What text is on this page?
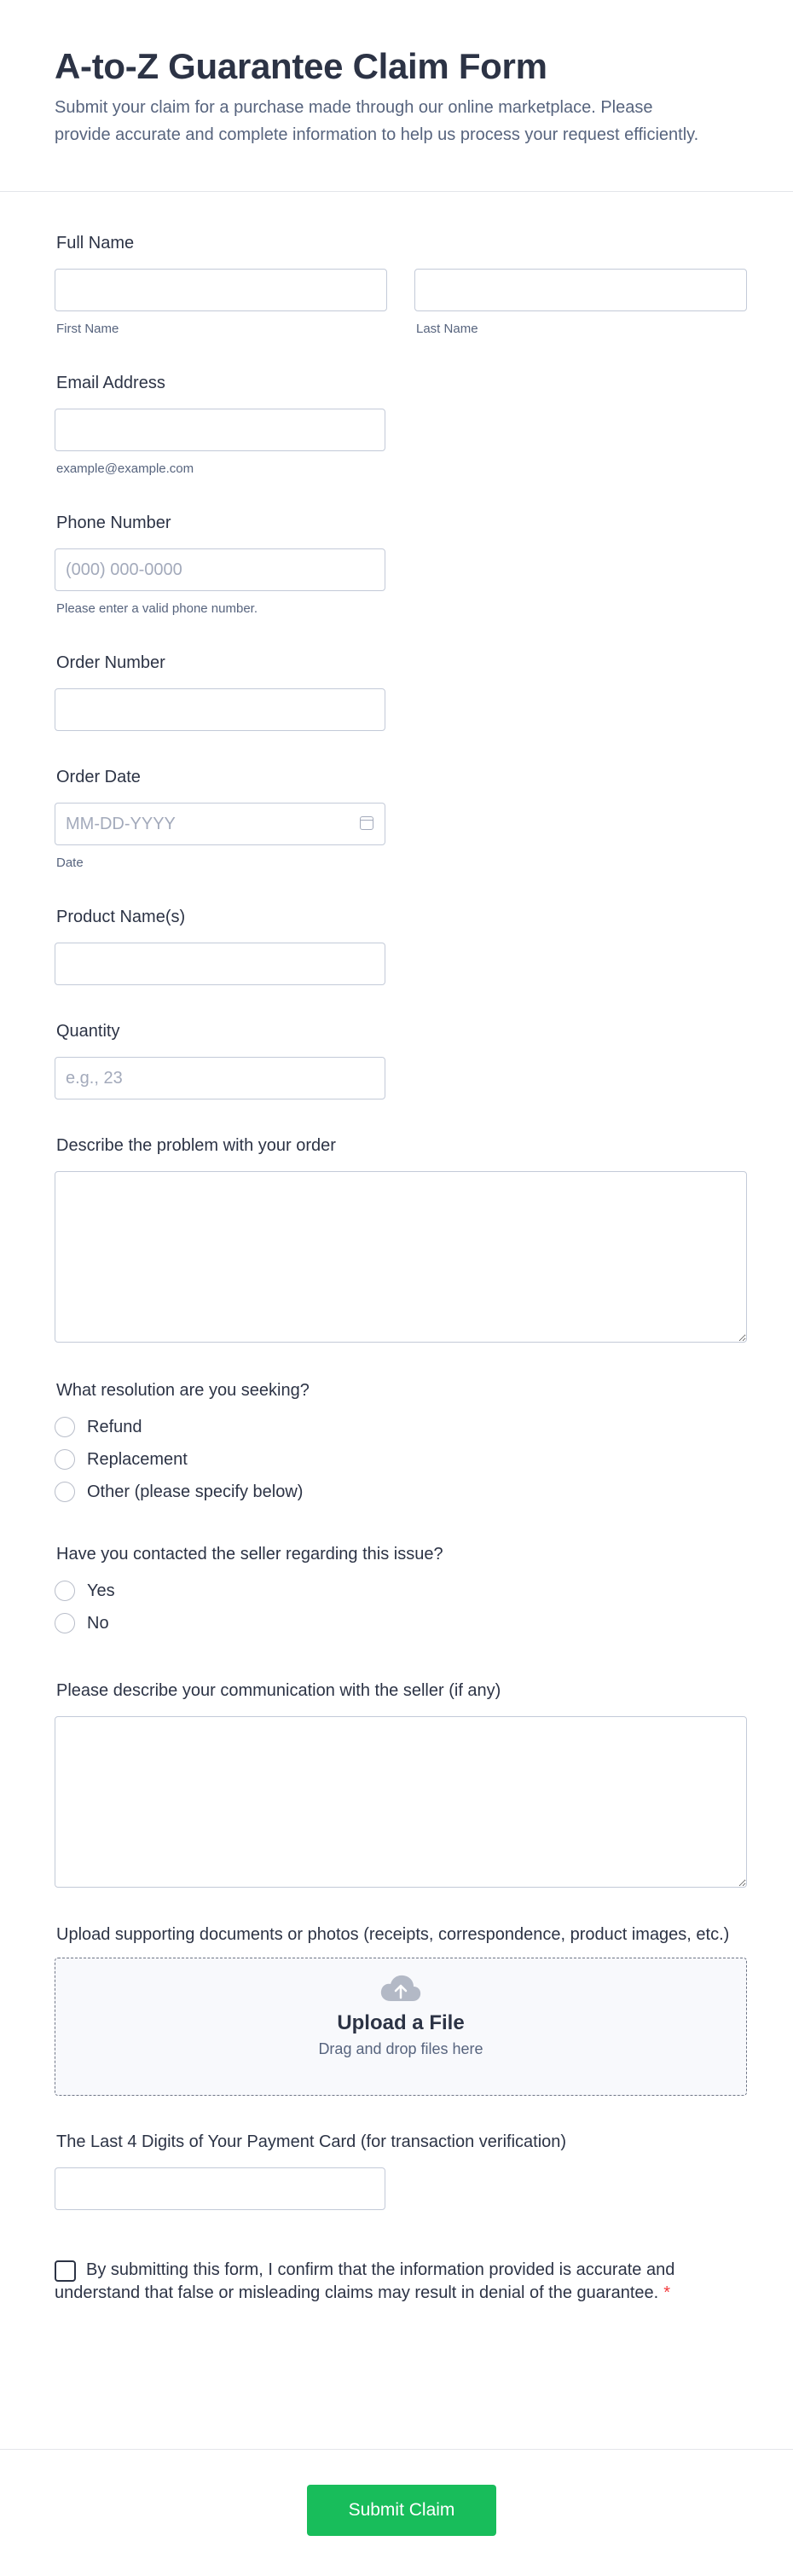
A-to-Z Guarantee Claim Form

Submit your claim for a purchase made through our online marketplace. Please provide accurate and complete information to help us process your request efficiently.

Full Name
First Name	Last Name
Email Address
example@example.com
Phone Number
(000) 000-0000
Please enter a valid phone number.
Order Number
Order Date
MM-DD-YYYY
Date
Product Name(s)
Quantity
e.g., 23
Describe the problem with your order
What resolution are you seeking?
Refund
Replacement
Other (please specify below)
Have you contacted the seller regarding this issue?
Yes
No
Please describe your communication with the seller (if any)
Upload supporting documents or photos (receipts, correspondence, product images, etc.)
Upload a File
Drag and drop files here
The Last 4 Digits of Your Payment Card (for transaction verification)

By submitting this form, I confirm that the information provided is accurate and understand that false or misleading claims may result in denial of the guarantee. *

Submit Claim
